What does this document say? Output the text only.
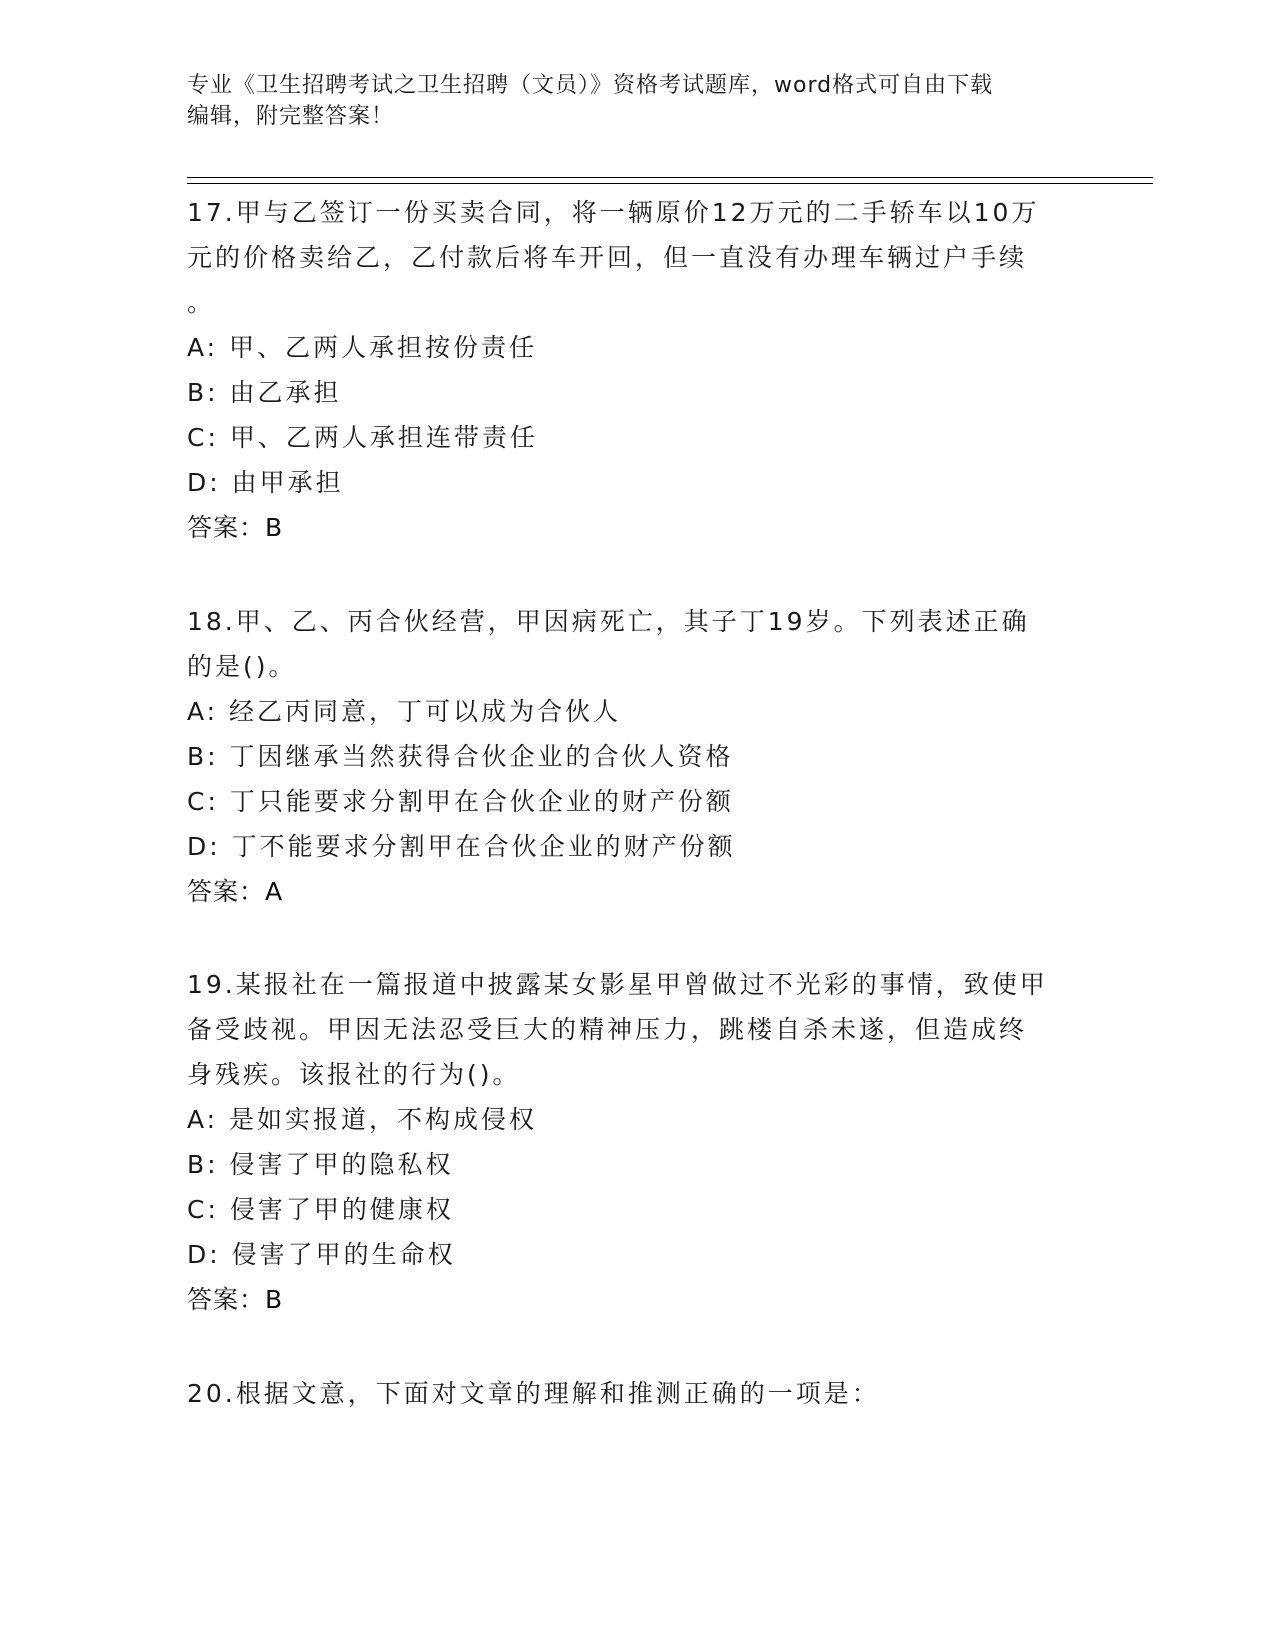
专业《卫生招聘考试之卫生招聘（文员）》资格考试题库，word格式可自由下载
编辑，附完整答案！

17.甲与乙签订一份买卖合同，将一辆原价12万元的二手轿车以10万

元的价格卖给乙，乙付款后将车开回，但一直没有办理车辆过户手续

。

A: 甲、乙两人承担按份责任

B: 由乙承担

C: 甲、乙两人承担连带责任

D: 由甲承担

答案：B

18.甲、乙、丙合伙经营，甲因病死亡，其子丁19岁。下列表述正确

的是()。

A: 经乙丙同意，丁可以成为合伙人

B: 丁因继承当然获得合伙企业的合伙人资格

C: 丁只能要求分割甲在合伙企业的财产份额

D: 丁不能要求分割甲在合伙企业的财产份额

答案：A

19.某报社在一篇报道中披露某女影星甲曾做过不光彩的事情，致使甲

备受歧视。甲因无法忍受巨大的精神压力，跳楼自杀未遂，但造成终

身残疾。该报社的行为()。

A: 是如实报道，不构成侵权

B: 侵害了甲的隐私权

C: 侵害了甲的健康权

D: 侵害了甲的生命权

答案：B

20.根据文意，下面对文章的理解和推测正确的一项是：
